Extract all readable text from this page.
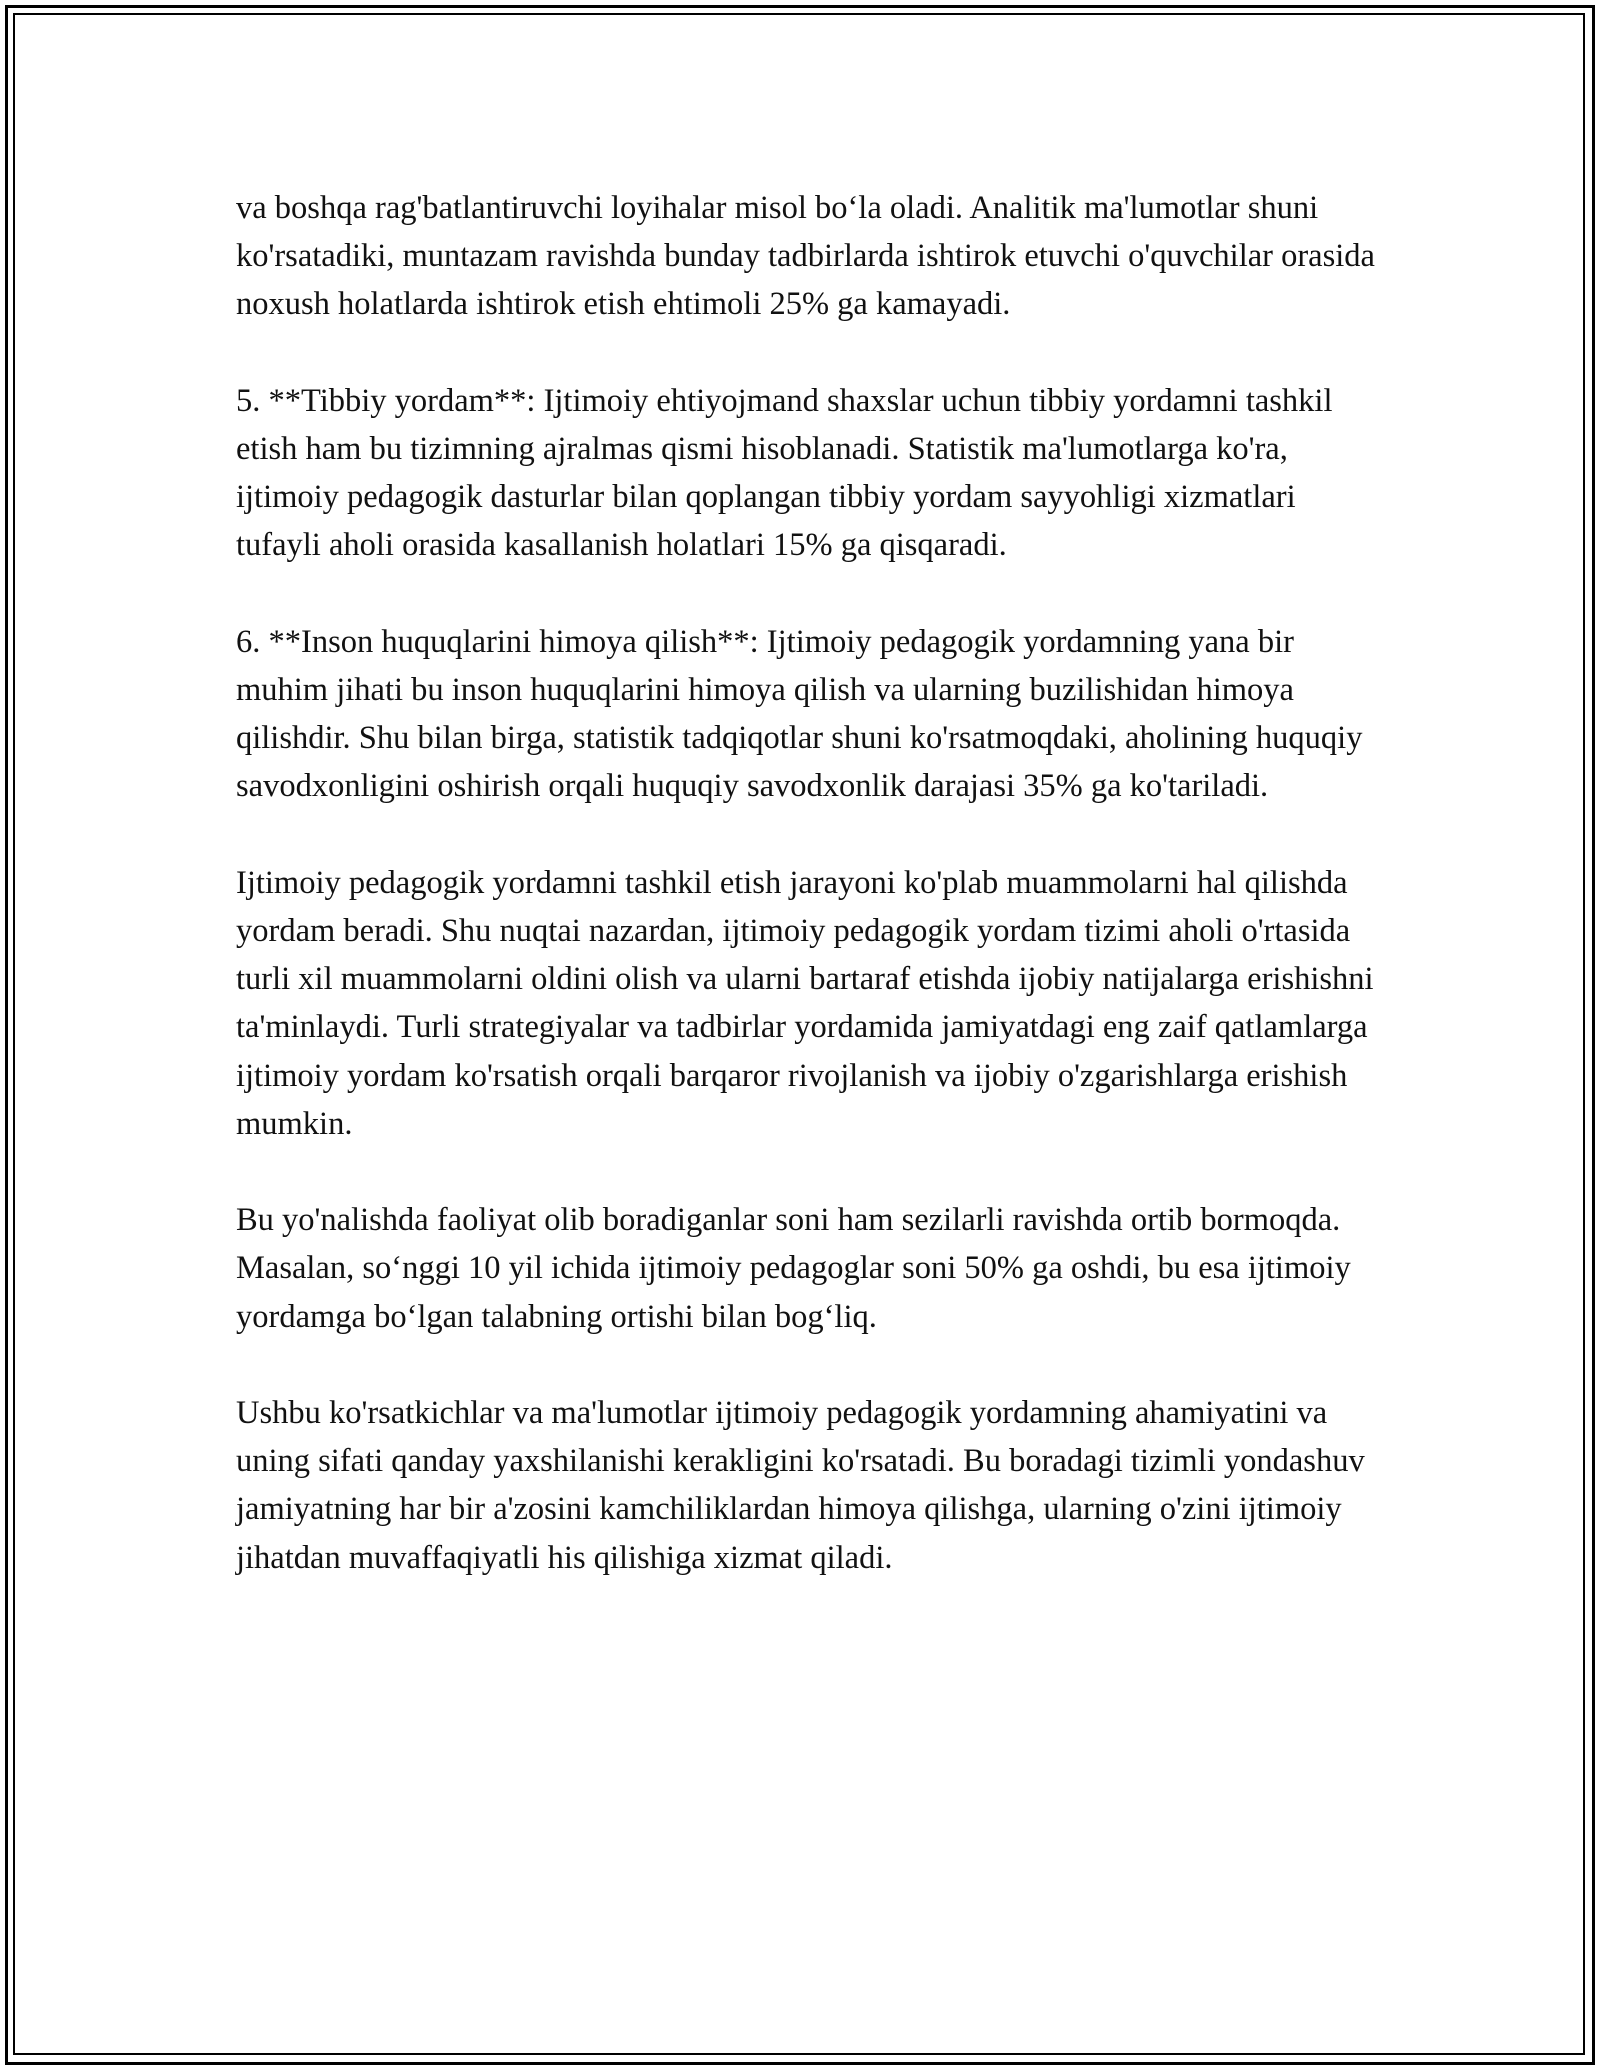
va boshqa rag'batlantiruvchi loyihalar misol bo‘la oladi. Analitik ma'lumotlar shuni ko'rsatadiki, muntazam ravishda bunday tadbirlarda ishtirok etuvchi o'quvchilar orasida noxush holatlarda ishtirok etish ehtimoli 25% ga kamayadi.

5. **Tibbiy yordam**: Ijtimoiy ehtiyojmand shaxslar uchun tibbiy yordamni tashkil etish ham bu tizimning ajralmas qismi hisoblanadi. Statistik ma'lumotlarga ko'ra, ijtimoiy pedagogik dasturlar bilan qoplangan tibbiy yordam sayyohligi xizmatlari tufayli aholi orasida kasallanish holatlari 15% ga qisqaradi.

6. **Inson huquqlarini himoya qilish**: Ijtimoiy pedagogik yordamning yana bir muhim jihati bu inson huquqlarini himoya qilish va ularning buzilishidan himoya qilishdir. Shu bilan birga, statistik tadqiqotlar shuni ko'rsatmoqdaki, aholining huquqiy savodxonligini oshirish orqali huquqiy savodxonlik darajasi 35% ga ko'tariladi.

Ijtimoiy pedagogik yordamni tashkil etish jarayoni ko'plab muammolarni hal qilishda yordam beradi. Shu nuqtai nazardan, ijtimoiy pedagogik yordam tizimi aholi o'rtasida turli xil muammolarni oldini olish va ularni bartaraf etishda ijobiy natijalarga erishishni ta'minlaydi. Turli strategiyalar va tadbirlar yordamida jamiyatdagi eng zaif qatlamlarga ijtimoiy yordam ko'rsatish orqali barqaror rivojlanish va ijobiy o'zgarishlarga erishish mumkin.

Bu yo'nalishda faoliyat olib boradiganlar soni ham sezilarli ravishda ortib bormoqda. Masalan, so‘nggi 10 yil ichida ijtimoiy pedagoglar soni 50% ga oshdi, bu esa ijtimoiy yordamga bo‘lgan talabning ortishi bilan bog‘liq.

Ushbu ko'rsatkichlar va ma'lumotlar ijtimoiy pedagogik yordamning ahamiyatini va uning sifati qanday yaxshilanishi kerakligini ko'rsatadi. Bu boradagi tizimli yondashuv jamiyatning har bir a'zosini kamchiliklardan himoya qilishga, ularning o'zini ijtimoiy jihatdan muvaffaqiyatli his qilishiga xizmat qiladi.
